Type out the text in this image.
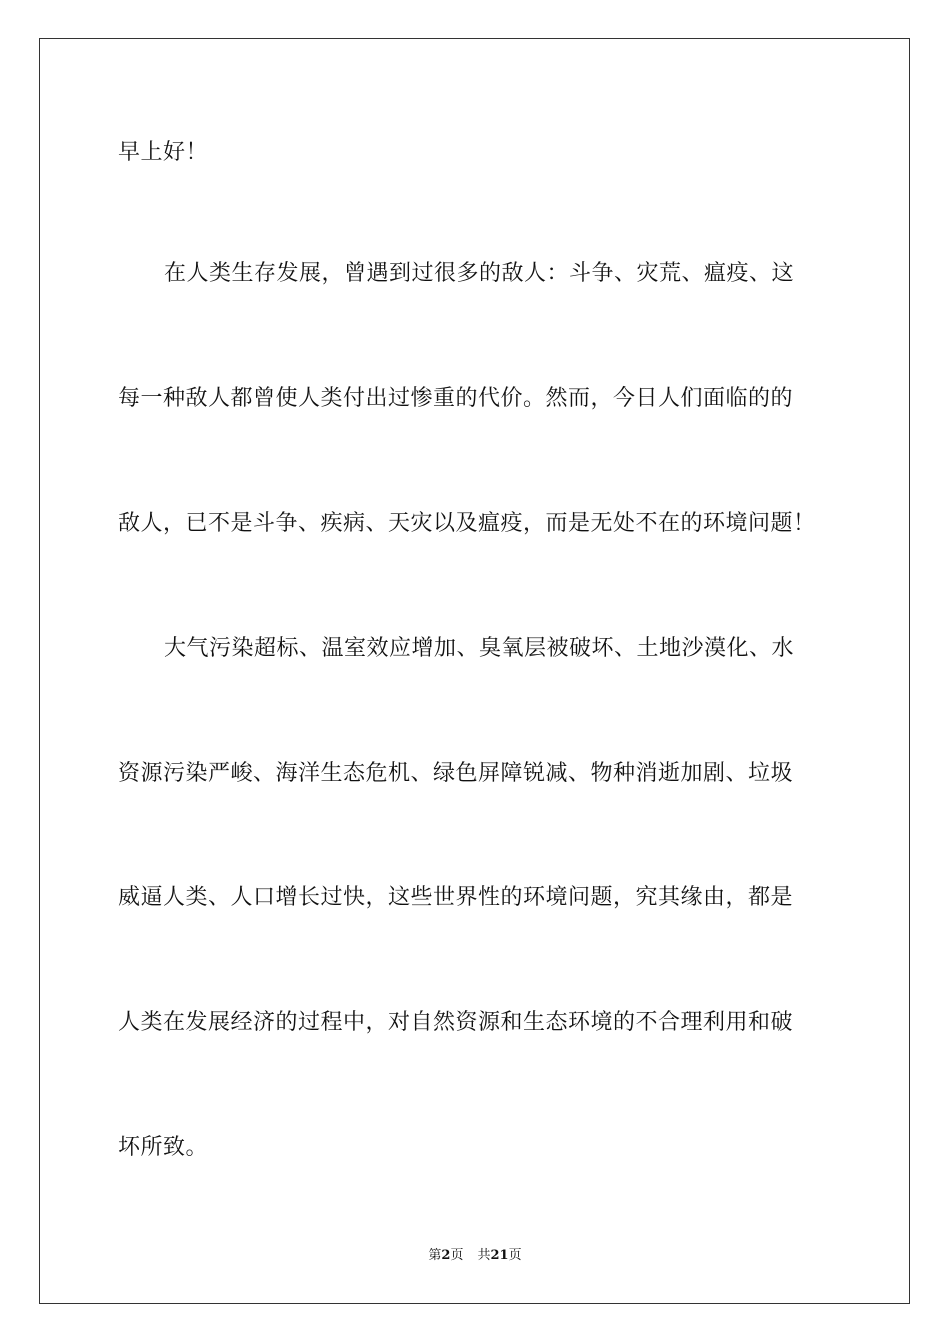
早上好！
在人类生存发展，曾遇到过很多的敌人：斗争、灾荒、瘟疫、这
每一种敌人都曾使人类付出过惨重的代价。然而，今日人们面临的的
敌人，已不是斗争、疾病、天灾以及瘟疫，而是无处不在的环境问题！
大气污染超标、温室效应增加、臭氧层被破坏、土地沙漠化、水
资源污染严峻、海洋生态危机、绿色屏障锐减、物种消逝加剧、垃圾
威逼人类、人口增长过快，这些世界性的环境问题，究其缘由，都是
人类在发展经济的过程中，对自然资源和生态环境的不合理利用和破
坏所致。
第2页 共21页
